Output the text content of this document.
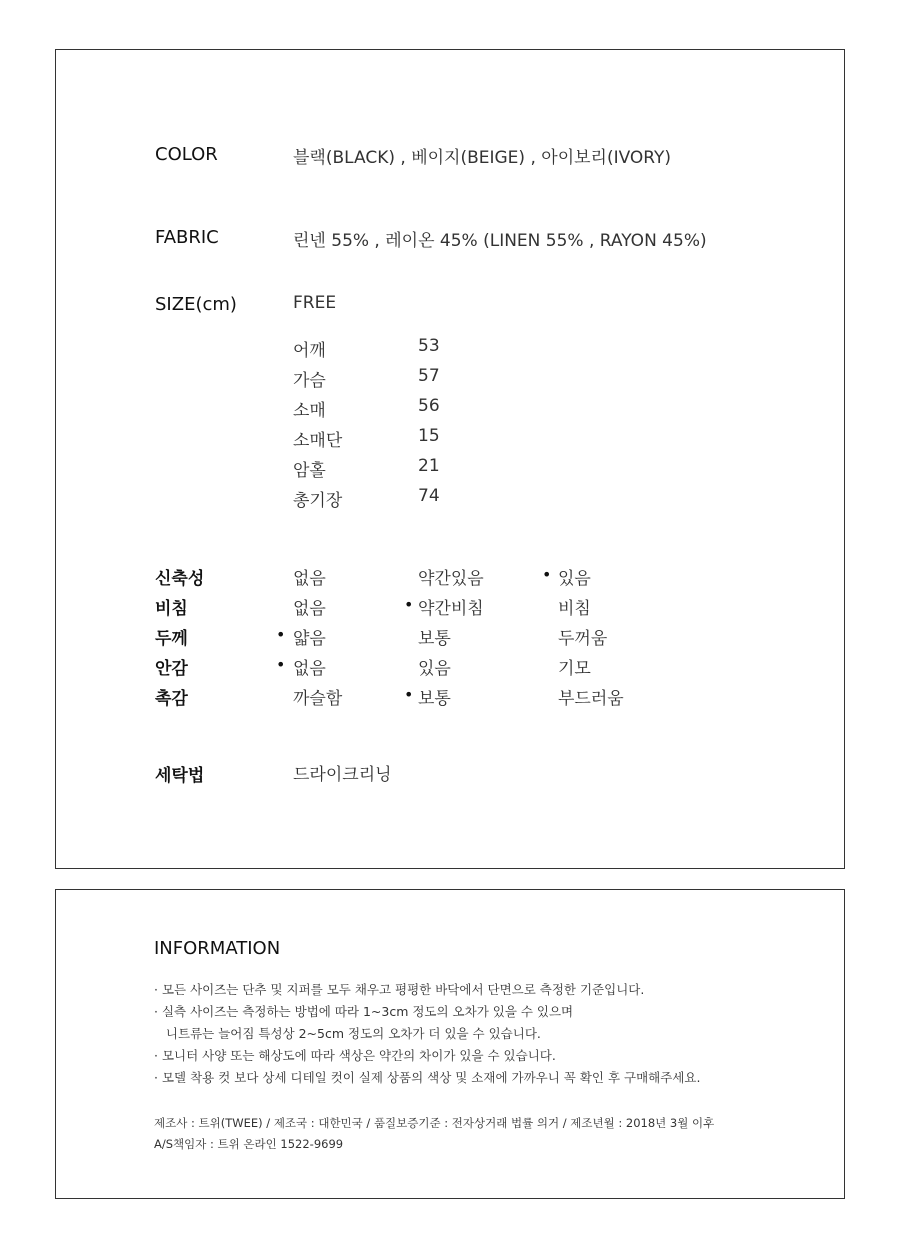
COLOR	블랙(BLACK) , 베이지(BEIGE) , 아이보리(IVORY)
FABRIC	린넨 55% , 레이온 45% (LINEN 55% , RAYON 45%)
SIZE(cm)	FREE
어깨	53
가슴	57
소매	56
소매단	15
암홀	21
총기장	74
신축성	없음	약간있음	• 있음
비침	없음	• 약간비침	비침
두께	• 얇음	보통	두꺼움
안감	• 없음	있음	기모
촉감	까슬함	• 보통	부드러움
세탁법	드라이크리닝
INFORMATION
· 모든 사이즈는 단추 및 지퍼를 모두 채우고 평평한 바닥에서 단면으로 측정한 기준입니다.
· 실측 사이즈는 측정하는 방법에 따라 1~3cm 정도의 오차가 있을 수 있으며
니트류는 늘어짐 특성상 2~5cm 정도의 오차가 더 있을 수 있습니다.
· 모니터 사양 또는 해상도에 따라 색상은 약간의 차이가 있을 수 있습니다.
· 모델 착용 컷 보다 상세 디테일 컷이 실제 상품의 색상 및 소재에 가까우니 꼭 확인 후 구매해주세요.
제조사 : 트위(TWEE) / 제조국 : 대한민국 / 품질보증기준 : 전자상거래 법률 의거 / 제조년월 : 2018년 3월 이후
A/S책임자 : 트위 온라인 1522-9699
